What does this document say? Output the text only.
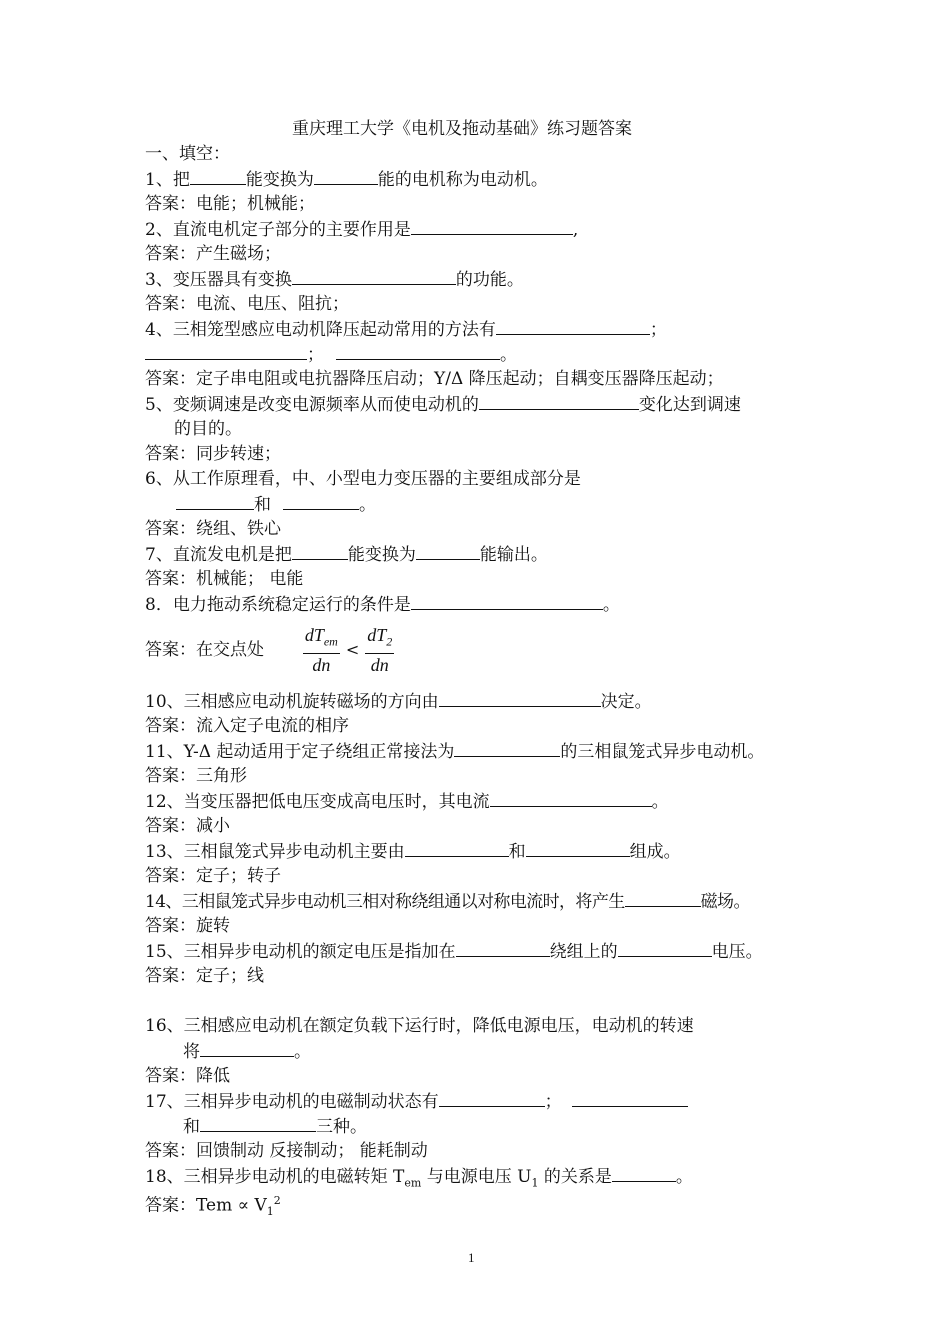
重庆理工大学《电机及拖动基础》练习题答案
一、填空：
1、把	能变换为	能的电机称为电动机。
答案：电能；机械能；
2、直流电机定子部分的主要作用是	,
答案：产生磁场；
3、变压器具有变换	的功能。
答案：电流、电压、阻抗；
4、三相笼型感应电动机降压起动常用的方法有	；
；	。
答案：定子串电阻或电抗器降压启动；Y/Δ 降压起动；自耦变压器降压起动；
5、变频调速是改变电源频率从而使电动机的	变化达到调速
的目的。
答案：同步转速；
6、从工作原理看，中、小型电力变压器的主要组成部分是
和	。
答案：绕组、铁心
7、直流发电机是把	能变换为	能输出。
答案：机械能； 电能
8．电力拖动系统稳定运行的条件是	。
答案：在交点处 $\frac{dT_{em}}{dn} < \frac{dT_2}{dn}$
10、三相感应电动机旋转磁场的方向由	决定。
答案：流入定子电流的相序
11、Y-Δ 起动适用于定子绕组正常接法为	的三相鼠笼式异步电动机。
答案：三角形
12、当变压器把低电压变成高电压时，其电流	。
答案：减小
13、三相鼠笼式异步电动机主要由	和	组成。
答案：定子；转子
14、三相鼠笼式异步电动机三相对称绕组通以对称电流时，将产生	磁场。
答案：旋转
15、三相异步电动机的额定电压是指加在	绕组上的	电压。
答案：定子；线
16、三相感应电动机在额定负载下运行时，降低电源电压，电动机的转速
将	。
答案：降低
17、三相异步电动机的电磁制动状态有	；
和	三种。
答案：回馈制动 反接制动； 能耗制动
18、三相异步电动机的电磁转矩 $T_{em}$ 与电源电压 $U_1$ 的关系是	。
答案：Tem ∝ $V_1^2$
1
